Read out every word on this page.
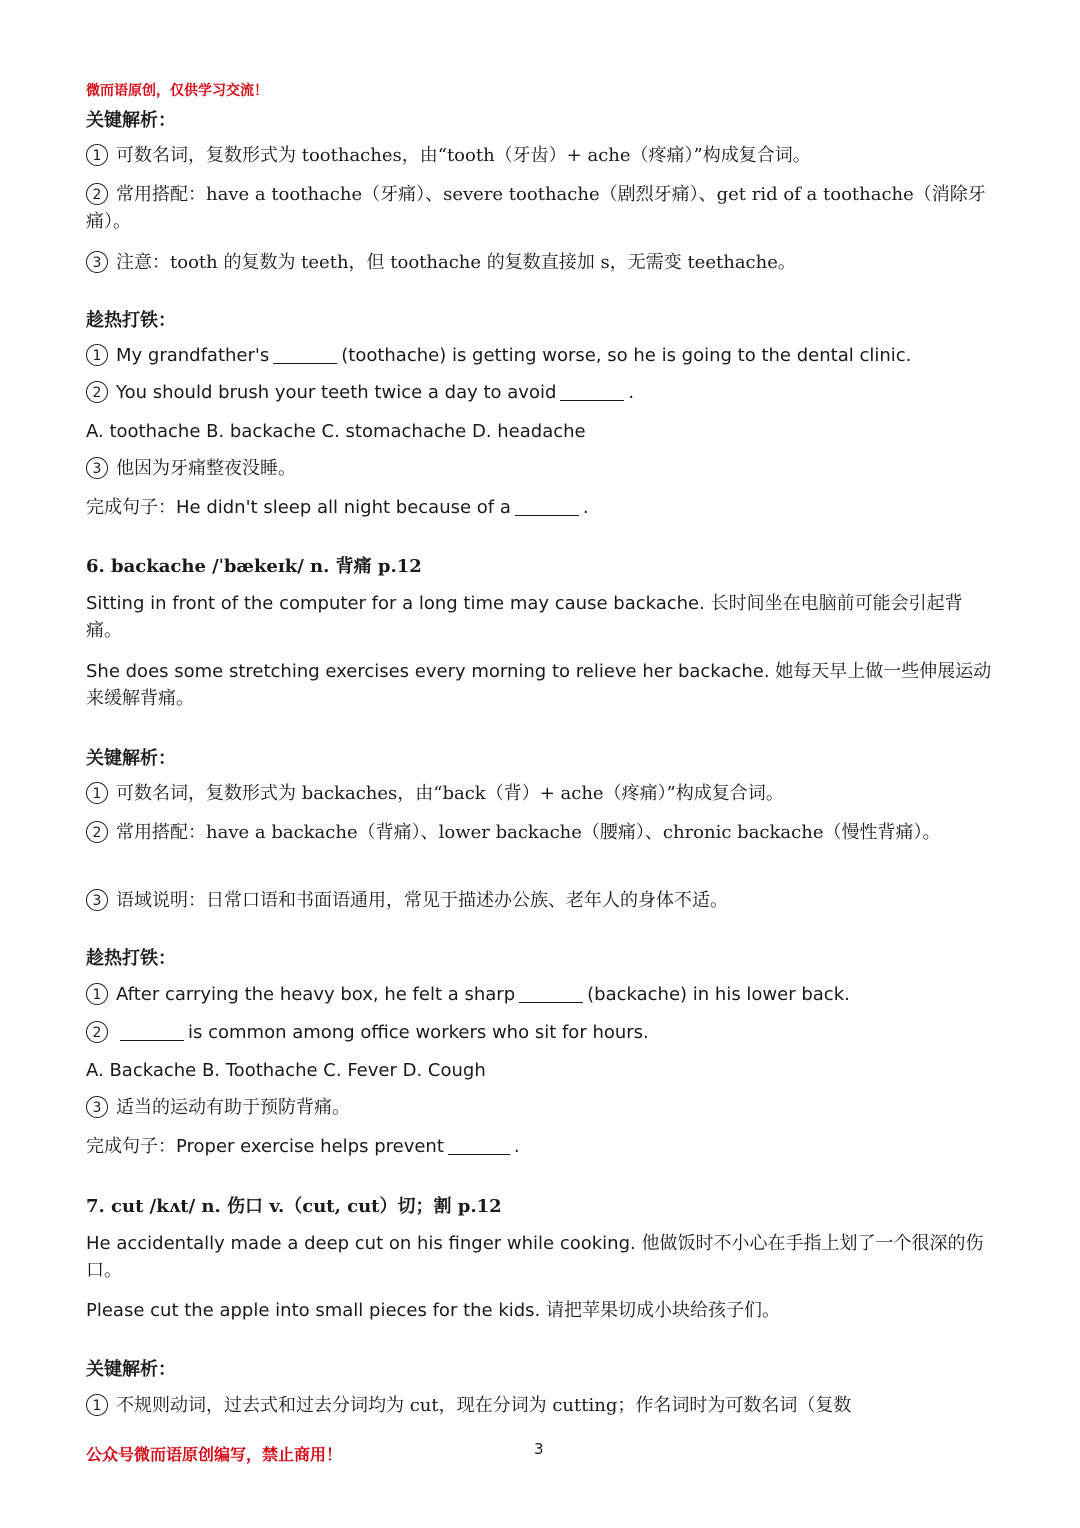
微而语原创，仅供学习交流！
关键解析：
1 可数名词，复数形式为 toothaches，由“tooth（牙齿）+ ache（疼痛）”构成复合词。
2 常用搭配：have a toothache（牙痛）、severe toothache（剧烈牙痛）、get rid of a toothache（消除牙痛）。
3 注意：tooth 的复数为 teeth，但 toothache 的复数直接加 s，无需变 teethache。
趁热打铁：
1 My grandfather's	(toothache) is getting worse, so he is going to the dental clinic.
2 You should brush your teeth twice a day to avoid	.
A. toothache B. backache C. stomachache D. headache
3 他因为牙痛整夜没睡。
完成句子：He didn't sleep all night because of a	.
6. backache /ˈbækeɪk/ n. 背痛 p.12
Sitting in front of the computer for a long time may cause backache. 长时间坐在电脑前可能会引起背痛。
She does some stretching exercises every morning to relieve her backache. 她每天早上做一些伸展运动来缓解背痛。
关键解析：
1 可数名词，复数形式为 backaches，由“back（背）+ ache（疼痛）”构成复合词。
2 常用搭配：have a backache（背痛）、lower backache（腰痛）、chronic backache（慢性背痛）。
3 语域说明：日常口语和书面语通用，常见于描述办公族、老年人的身体不适。
趁热打铁：
1 After carrying the heavy box, he felt a sharp	(backache) in his lower back.
2	is common among office workers who sit for hours.
A. Backache B. Toothache C. Fever D. Cough
3 适当的运动有助于预防背痛。
完成句子：Proper exercise helps prevent	.
7. cut /kʌt/ n. 伤口 v.（cut, cut）切；割 p.12
He accidentally made a deep cut on his finger while cooking. 他做饭时不小心在手指上划了一个很深的伤口。
Please cut the apple into small pieces for the kids. 请把苹果切成小块给孩子们。
关键解析：
1 不规则动词，过去式和过去分词均为 cut，现在分词为 cutting；作名词时为可数名词（复数
公众号微而语原创编写，禁止商用！	3
